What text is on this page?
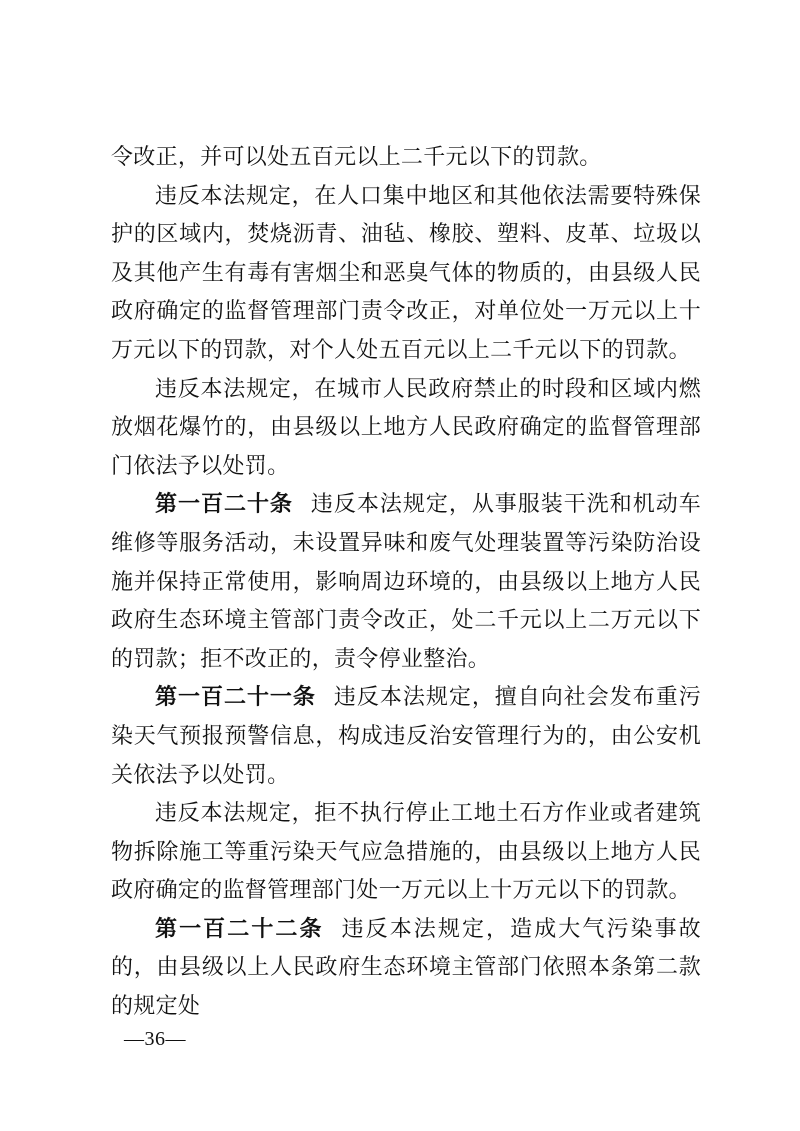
令改正，并可以处五百元以上二千元以下的罚款。

违反本法规定，在人口集中地区和其他依法需要特殊保护的区域内，焚烧沥青、油毡、橡胶、塑料、皮革、垃圾以及其他产生有毒有害烟尘和恶臭气体的物质的，由县级人民政府确定的监督管理部门责令改正，对单位处一万元以上十万元以下的罚款，对个人处五百元以上二千元以下的罚款。

违反本法规定，在城市人民政府禁止的时段和区域内燃放烟花爆竹的，由县级以上地方人民政府确定的监督管理部门依法予以处罚。

第一百二十条 违反本法规定，从事服装干洗和机动车维修等服务活动，未设置异味和废气处理装置等污染防治设施并保持正常使用，影响周边环境的，由县级以上地方人民政府生态环境主管部门责令改正，处二千元以上二万元以下的罚款；拒不改正的，责令停业整治。

第一百二十一条 违反本法规定，擅自向社会发布重污染天气预报预警信息，构成违反治安管理行为的，由公安机关依法予以处罚。

违反本法规定，拒不执行停止工地土石方作业或者建筑物拆除施工等重污染天气应急措施的，由县级以上地方人民政府确定的监督管理部门处一万元以上十万元以下的罚款。

第一百二十二条 违反本法规定，造成大气污染事故的，由县级以上人民政府生态环境主管部门依照本条第二款的规定处

—36—
